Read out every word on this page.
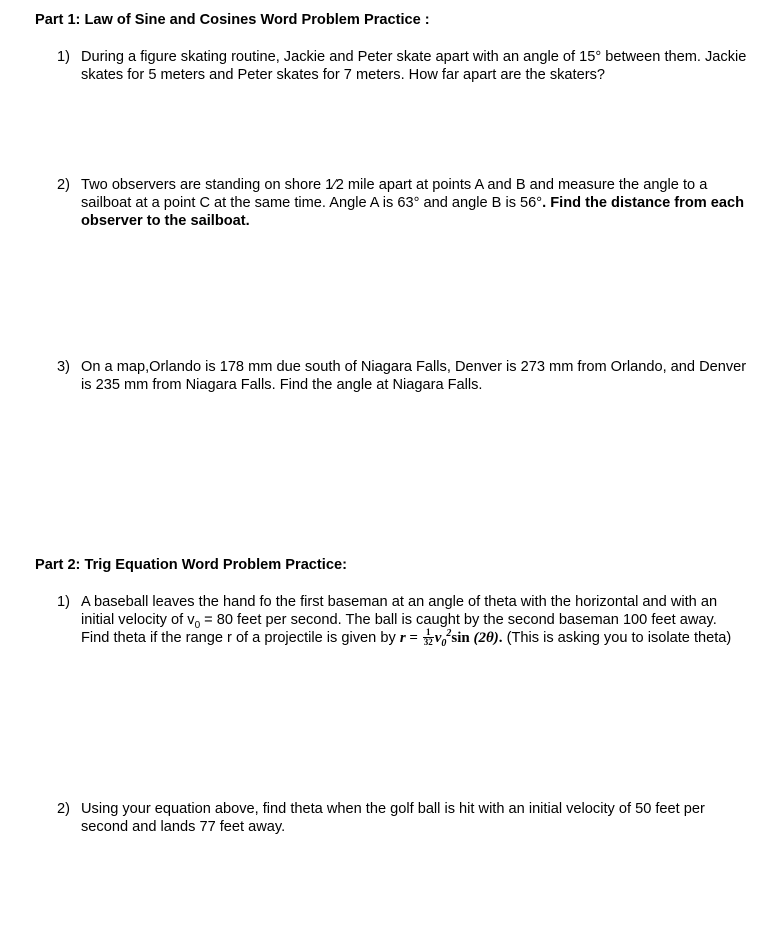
Part 1: Law of Sine and Cosines Word Problem Practice :
1) During a figure skating routine, Jackie and Peter skate apart with an angle of 15° between them. Jackie skates for 5 meters and Peter skates for 7 meters. How far apart are the skaters?
2) Two observers are standing on shore 1⁄2 mile apart at points A and B and measure the angle to a sailboat at a point C at the same time. Angle A is 63° and angle B is 56°. Find the distance from each observer to the sailboat.
3) On a map,Orlando is 178 mm due south of Niagara Falls, Denver is 273 mm from Orlando, and Denver is 235 mm from Niagara Falls. Find the angle at Niagara Falls.
Part 2: Trig Equation Word Problem Practice:
1) A baseball leaves the hand fo the first baseman at an angle of theta with the horizontal and with an initial velocity of $v_0 = 80$ feet per second. The ball is caught by the second baseman 100 feet away. Find theta if the range r of a projectile is given by $r = \frac{1}{32} v_0^2\sin$ (2θ). (This is asking you to isolate theta)
2) Using your equation above, find theta when the golf ball is hit with an initial velocity of 50 feet per second and lands 77 feet away.
